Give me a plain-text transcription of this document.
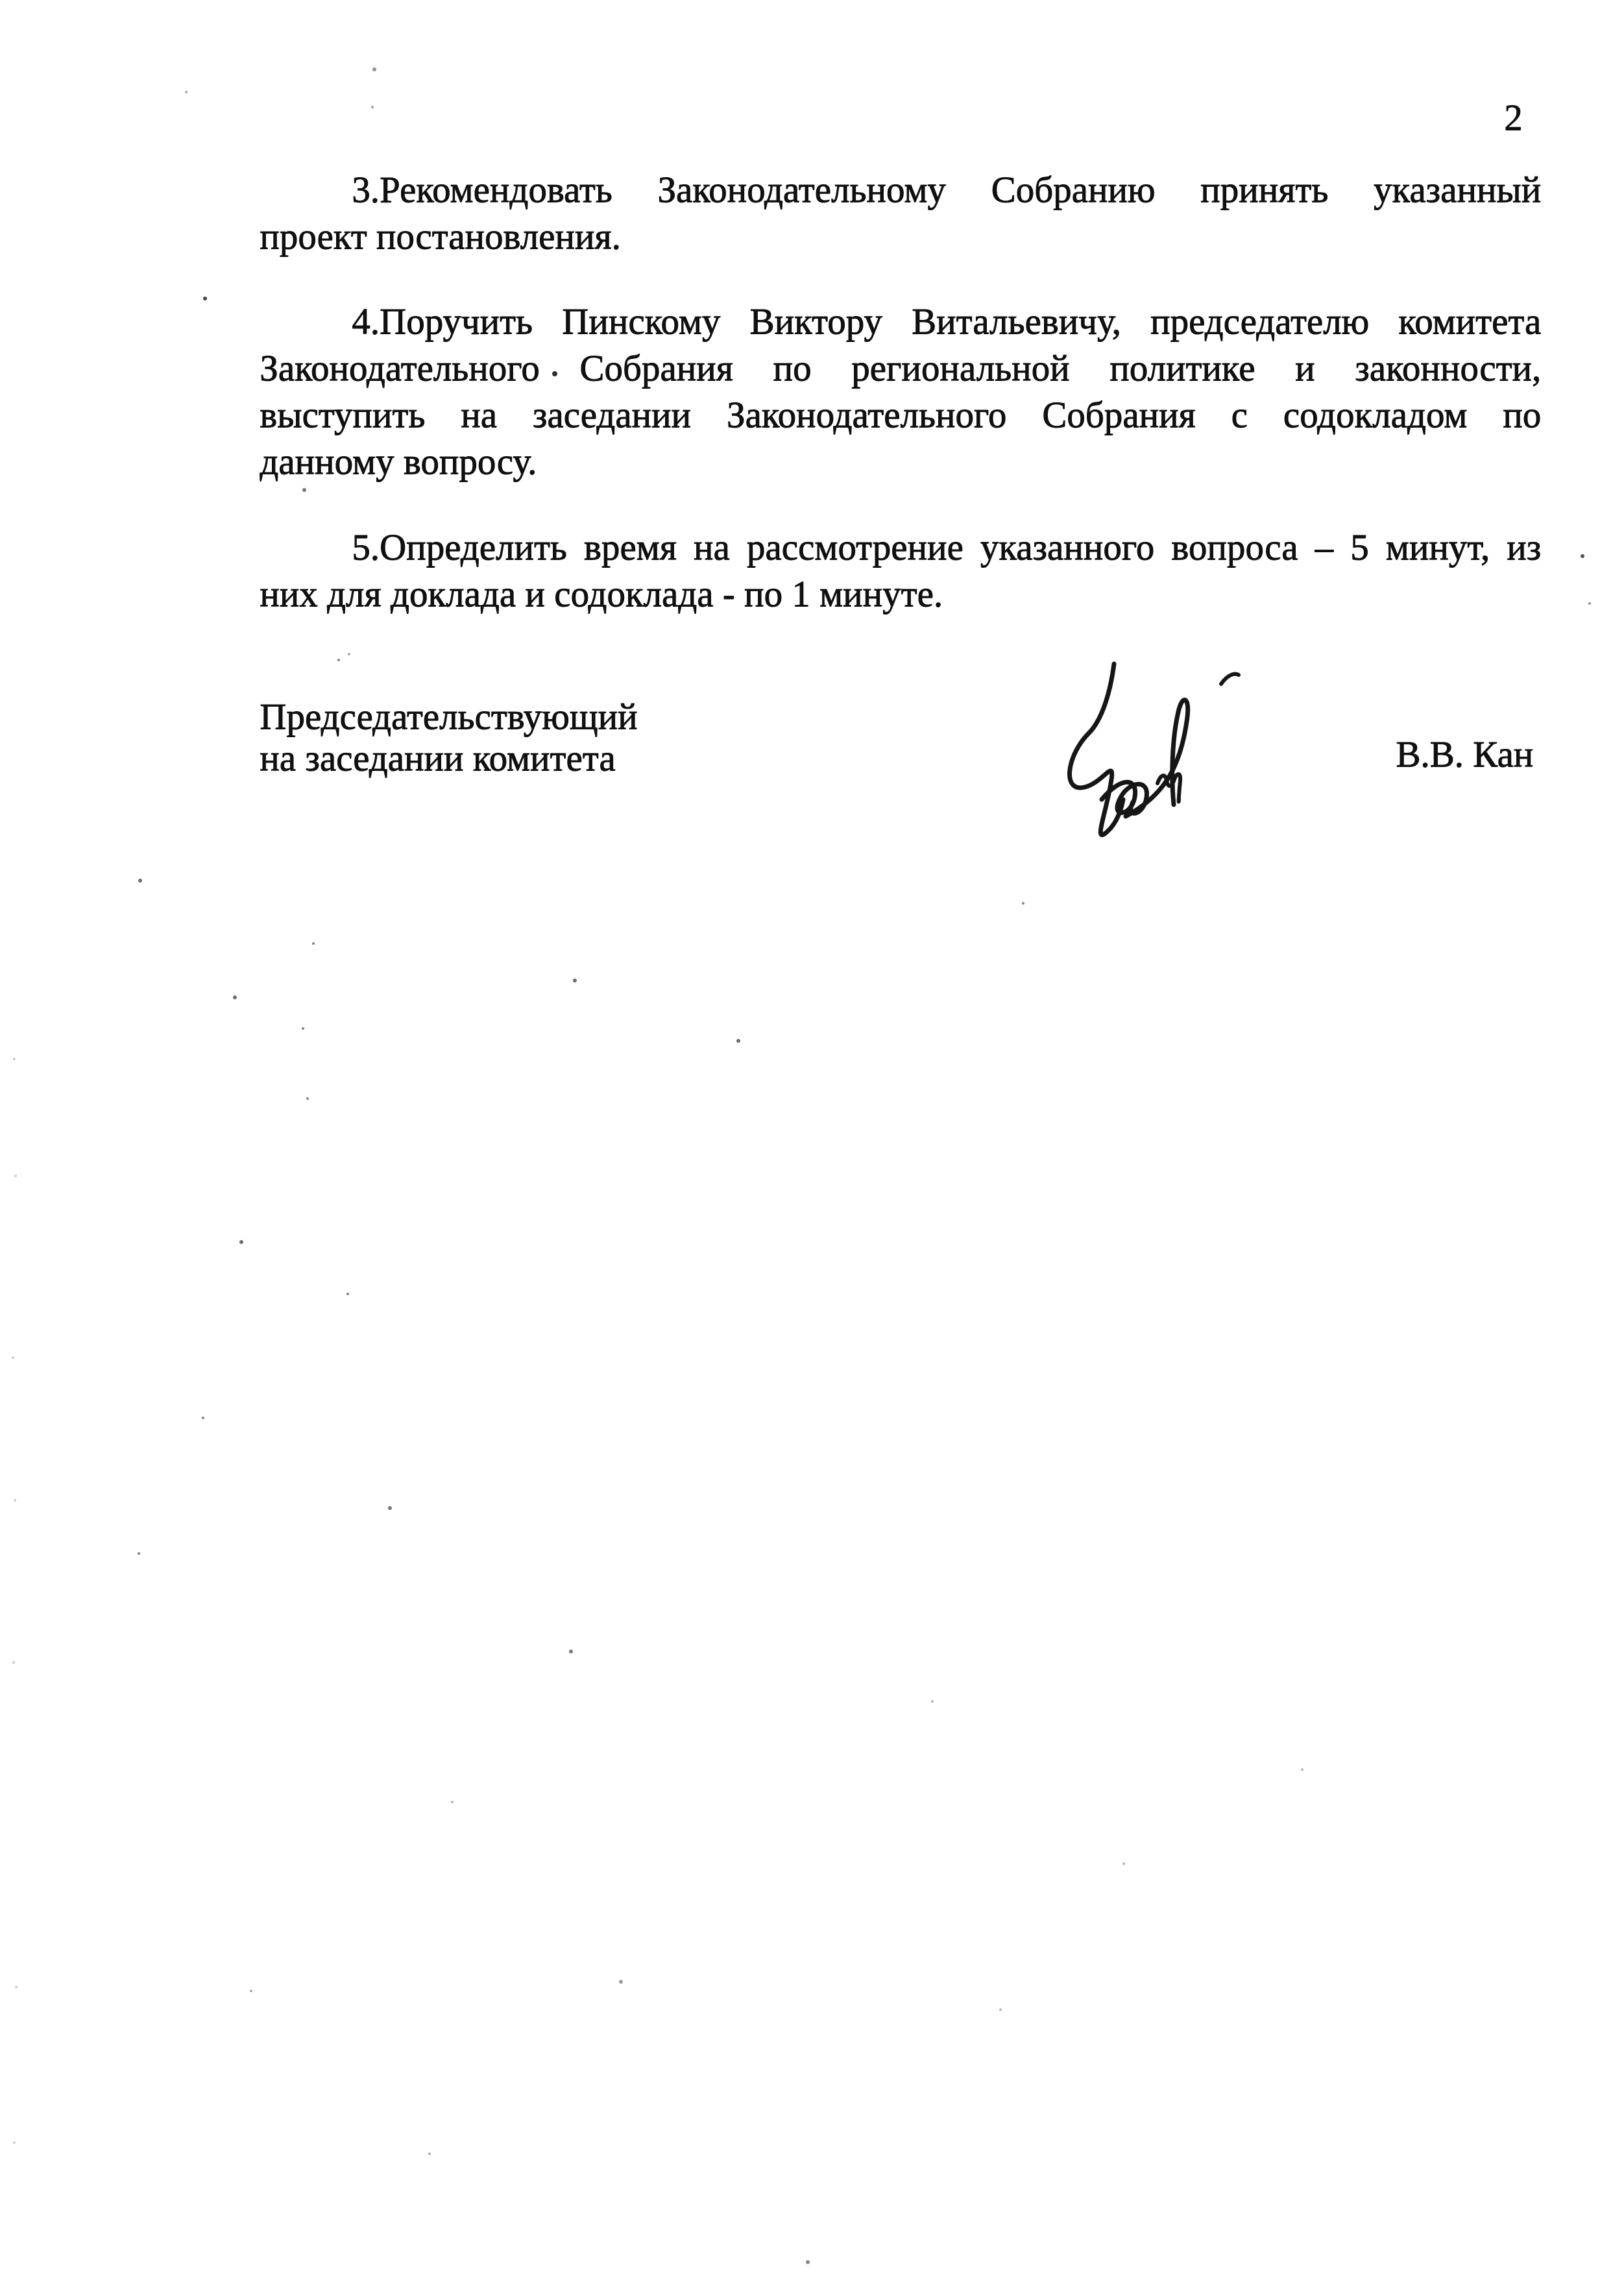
2
3.Рекомендовать Законодательному Собранию принять указанный
проект постановления.
4.Поручить Пинскому Виктору Витальевичу, председателю комитета
Законодательного Собрания по региональной политике и законности,
выступить на заседании Законодательного Собрания с содокладом по
данному вопросу.
5.Определить время на рассмотрение указанного вопроса – 5 минут, из
них для доклада и содоклада - по 1 минуте.
Председательствующий
на заседании комитета	В.В. Кан
